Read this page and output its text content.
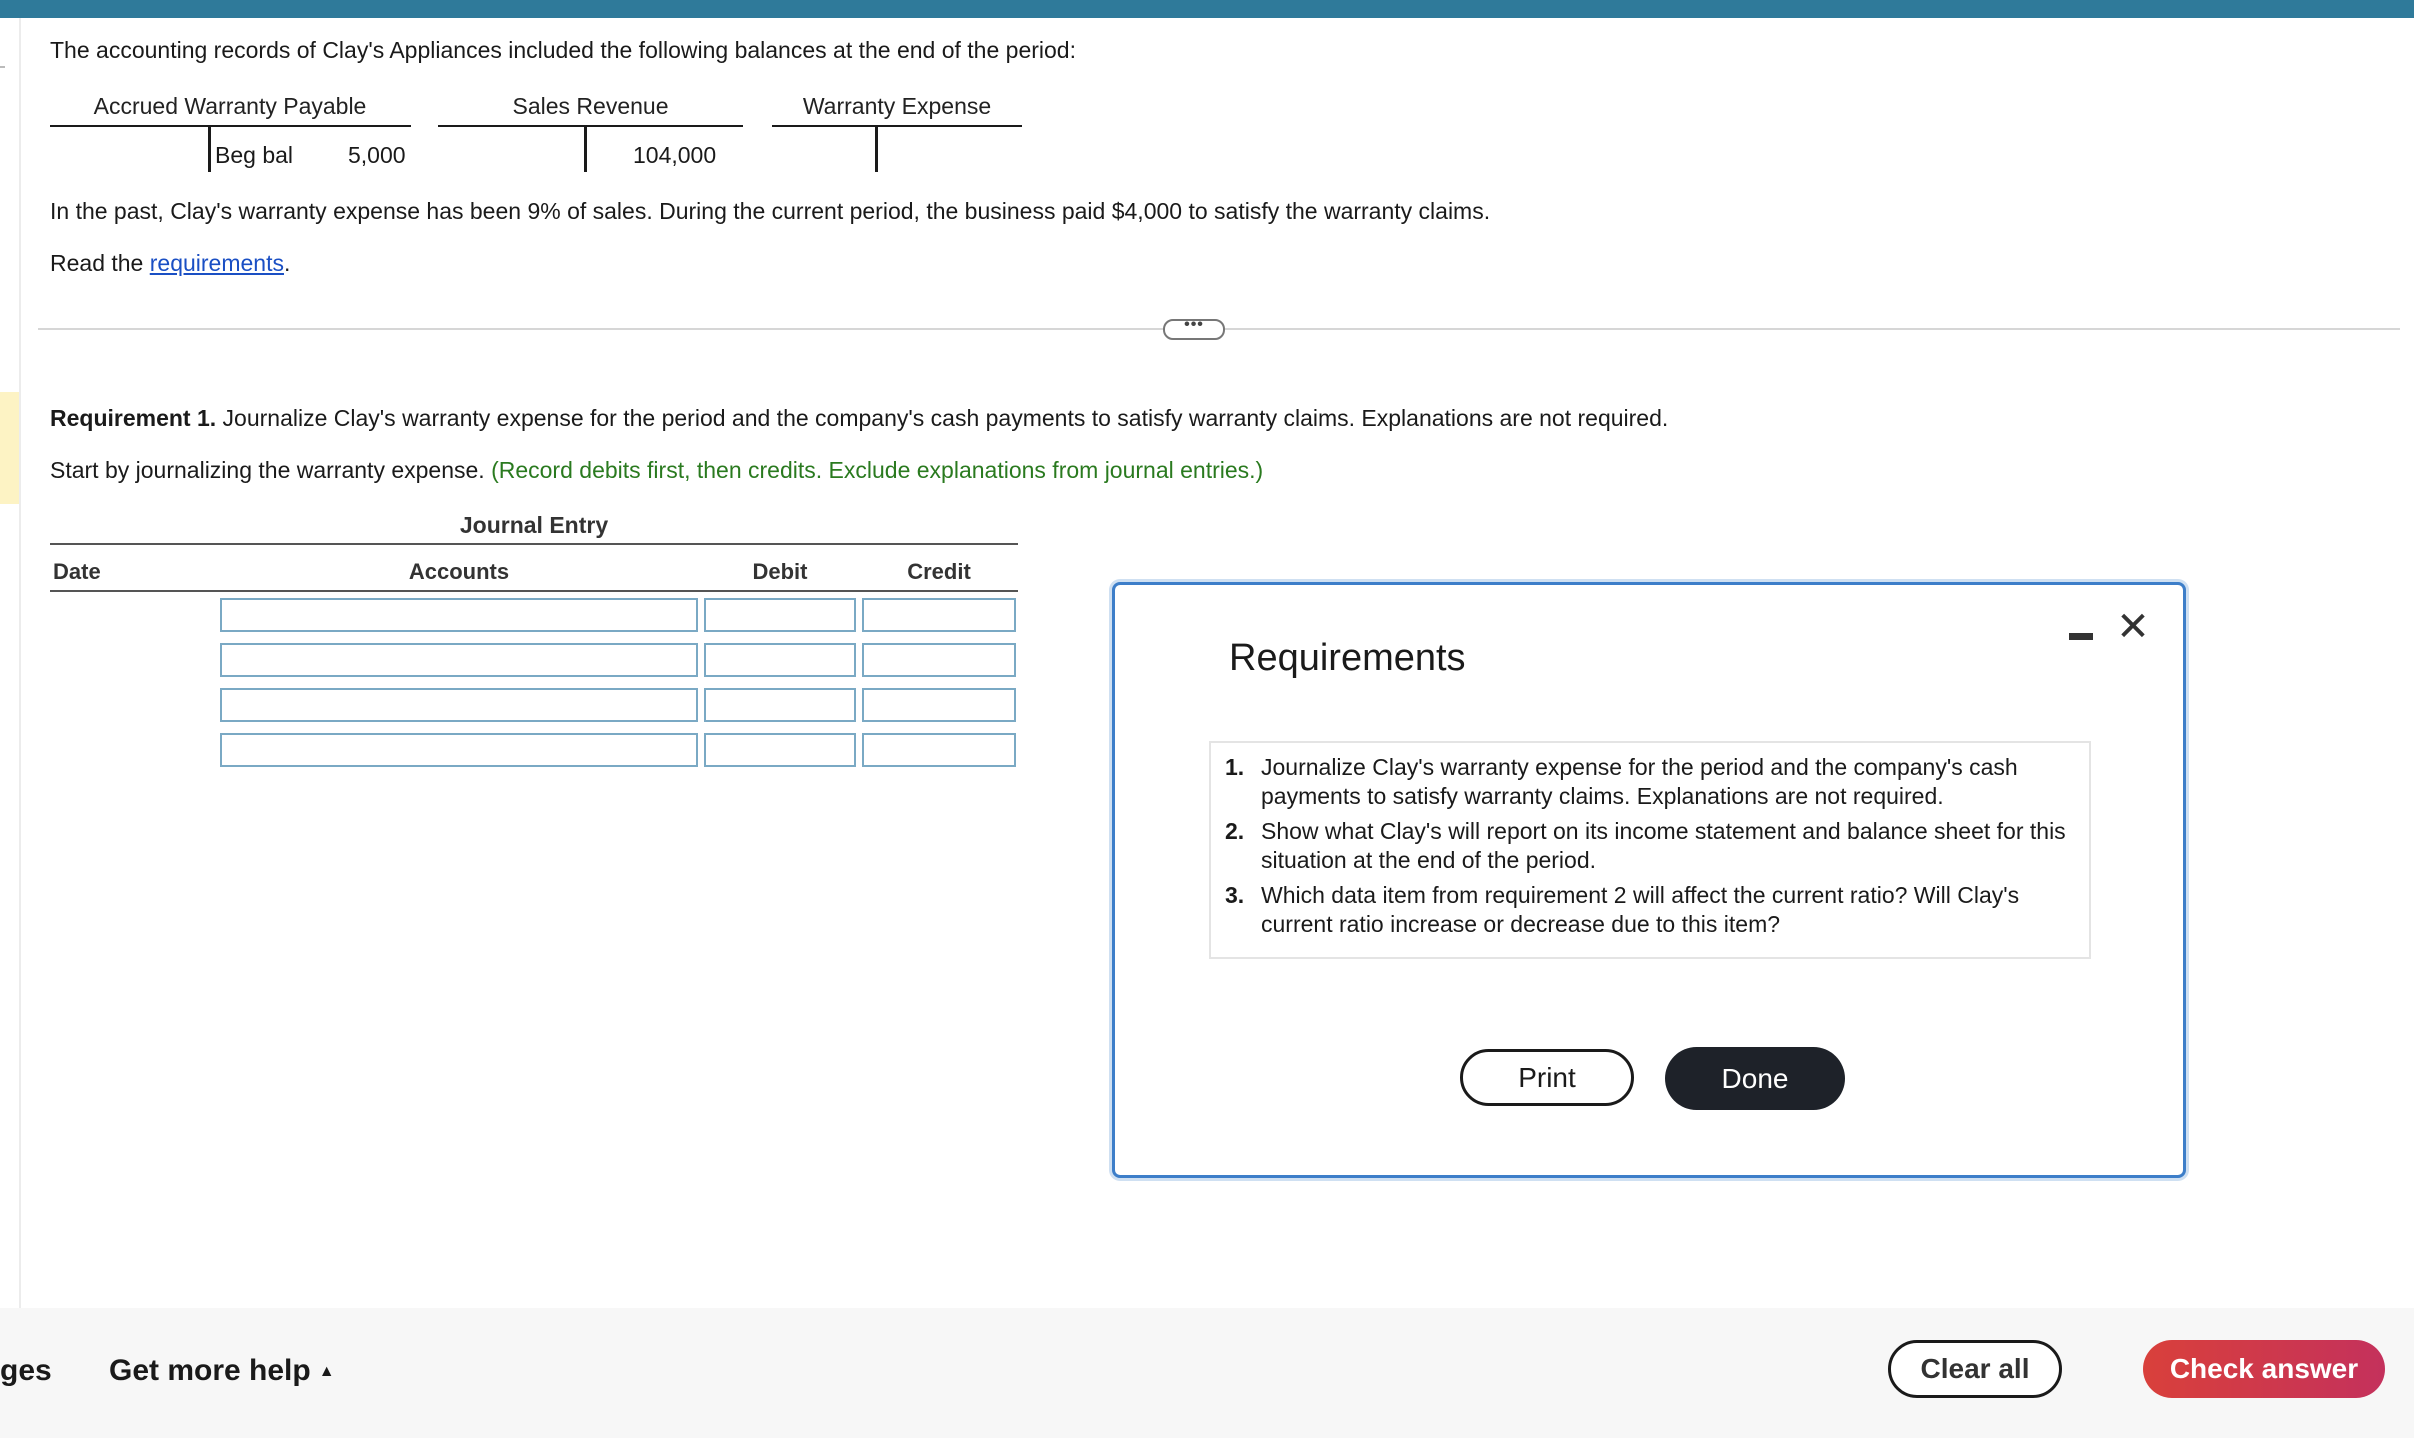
The accounting records of Clay's Appliances included the following balances at the end of the period:
Accrued Warranty Payable
Beg bal 5,000
Sales Revenue
104,000
Warranty Expense
In the past, Clay's warranty expense has been 9% of sales. During the current period, the business paid $4,000 to satisfy the warranty claims.
Read the requirements.
•••
Requirement 1. Journalize Clay's warranty expense for the period and the company's cash payments to satisfy warranty claims. Explanations are not required.
Start by journalizing the warranty expense. (Record debits first, then credits. Exclude explanations from journal entries.)
Journal Entry
Date	Accounts	Debit	Credit
Requirements
✕
1. Journalize Clay's warranty expense for the period and the company's cash payments to satisfy warranty claims. Explanations are not required.
2. Show what Clay's will report on its income statement and balance sheet for this situation at the end of the period.
3. Which data item from requirement 2 will affect the current ratio? Will Clay's current ratio increase or decrease due to this item?
Print	Done
ges Get more help ▲	Clear all	Check answer
